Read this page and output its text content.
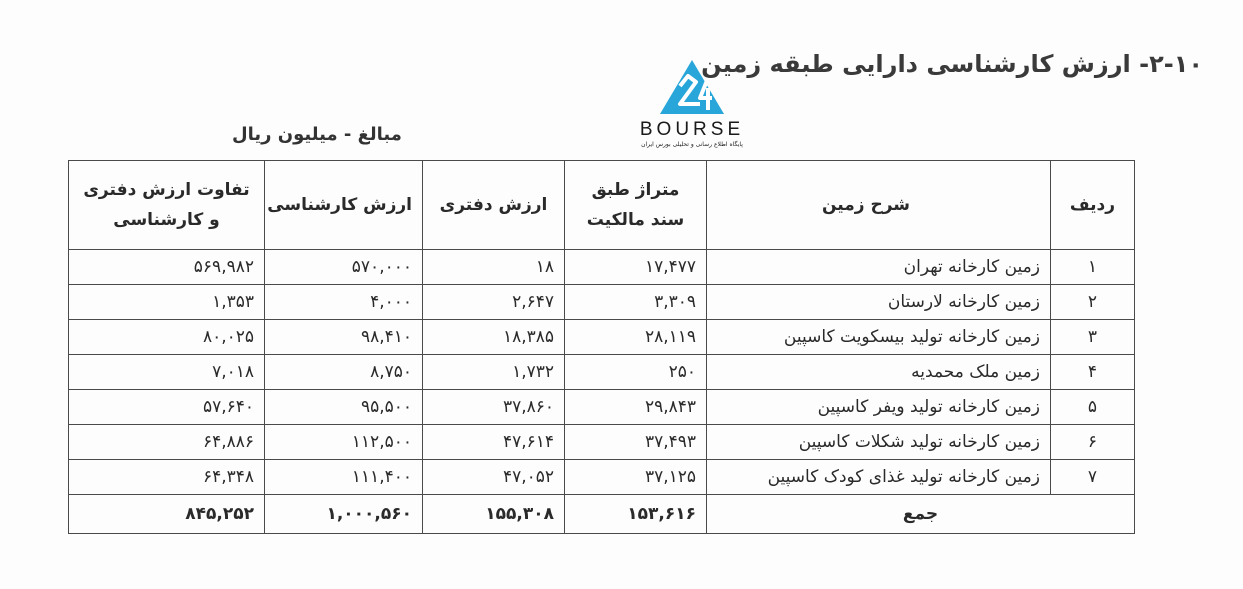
۲-۱۰- ارزش کارشناسی دارایی طبقه زمین
BOURSE
پایگاه اطلاع رسانی و تحلیلی بورس ایران
مبالغ - میلیون ریال
ردیف	شرح زمین	متراژ طبق سند مالکیت	ارزش دفتری	ارزش کارشناسی	تفاوت ارزش دفتری و کارشناسی
۱	زمین کارخانه تهران	۱۷,۴۷۷	۱۸	۵۷۰,۰۰۰	۵۶۹,۹۸۲
۲	زمین کارخانه لارستان	۳,۳۰۹	۲,۶۴۷	۴,۰۰۰	۱,۳۵۳
۳	زمین کارخانه تولید بیسکویت کاسپین	۲۸,۱۱۹	۱۸,۳۸۵	۹۸,۴۱۰	۸۰,۰۲۵
۴	زمین ملک محمدیه	۲۵۰	۱,۷۳۲	۸,۷۵۰	۷,۰۱۸
۵	زمین کارخانه تولید ویفر کاسپین	۲۹,۸۴۳	۳۷,۸۶۰	۹۵,۵۰۰	۵۷,۶۴۰
۶	زمین کارخانه تولید شکلات کاسپین	۳۷,۴۹۳	۴۷,۶۱۴	۱۱۲,۵۰۰	۶۴,۸۸۶
۷	زمین کارخانه تولید غذای کودک کاسپین	۳۷,۱۲۵	۴۷,۰۵۲	۱۱۱,۴۰۰	۶۴,۳۴۸
جمع		۱۵۳,۶۱۶	۱۵۵,۳۰۸	۱,۰۰۰,۵۶۰	۸۴۵,۲۵۲
